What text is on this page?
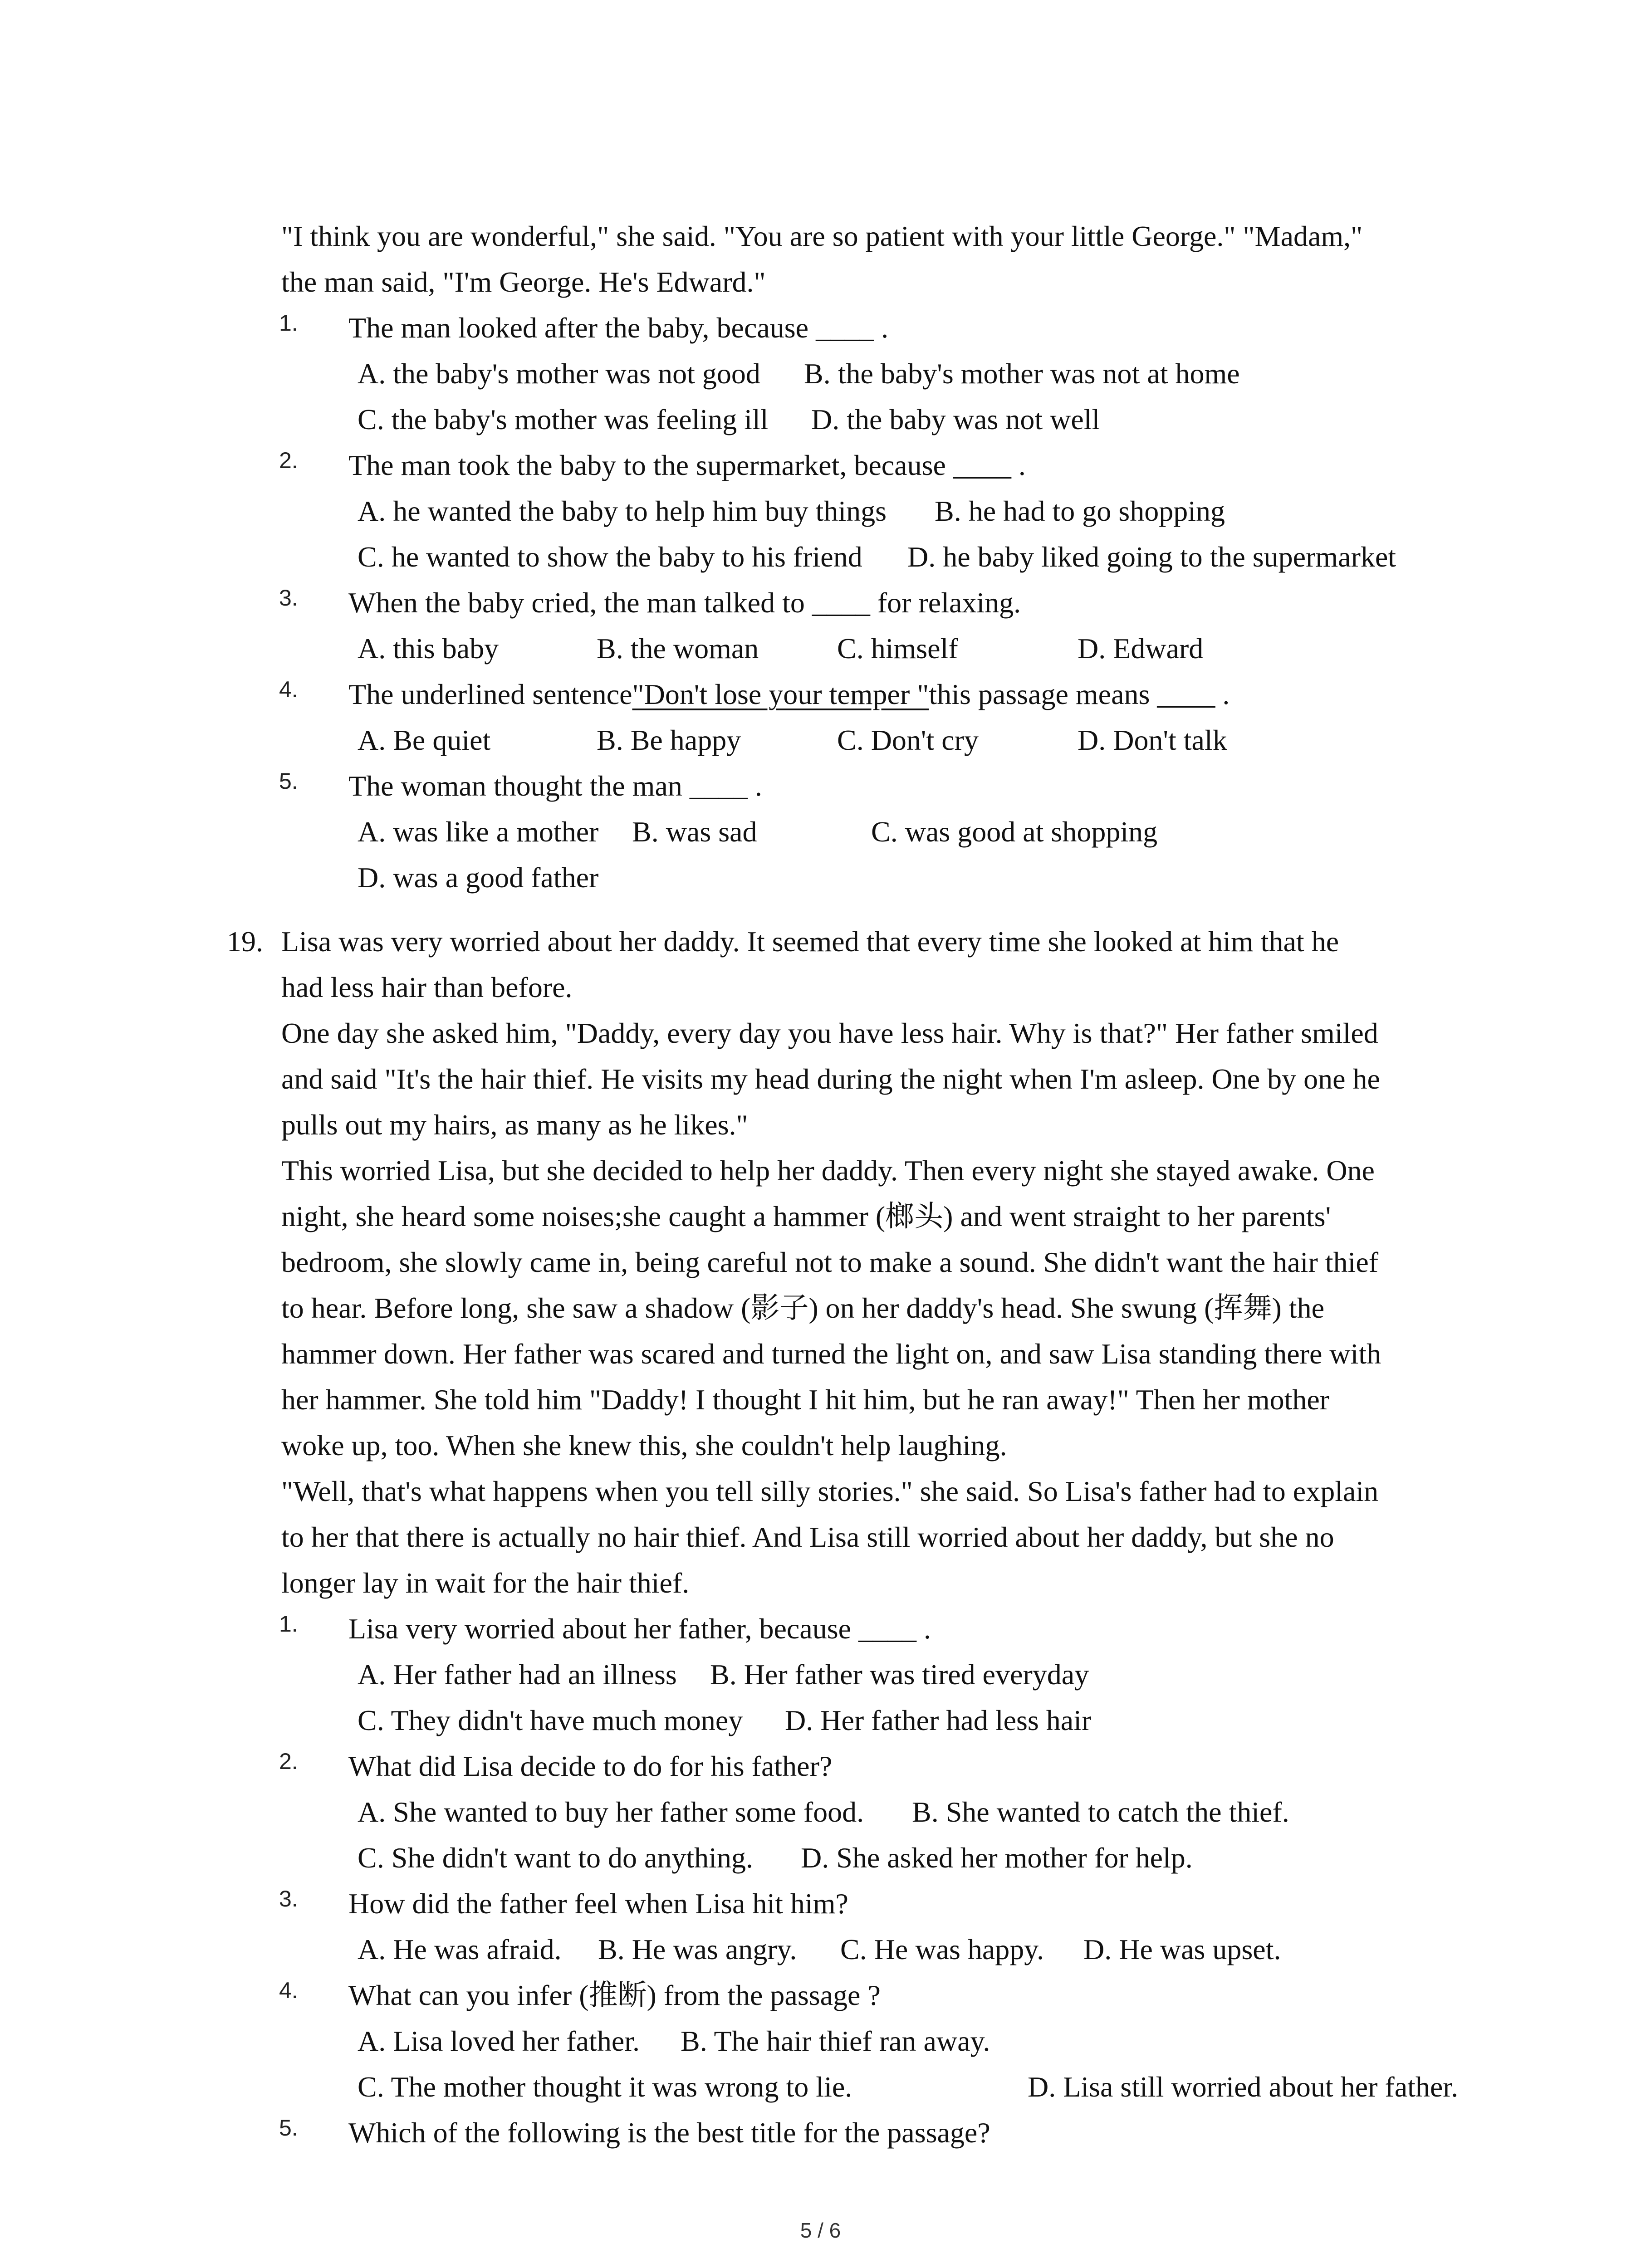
"I think you are wonderful," she said. "You are so patient with your little George." "Madam,"
the man said, "I'm George. He's Edward."

1. The man looked after the baby, because ____ .
A. the baby's mother was not good B. the baby's mother was not at home
C. the baby's mother was feeling ill D. the baby was not well
2. The man took the baby to the supermarket, because ____ .
A. he wanted the baby to help him buy things B. he had to go shopping
C. he wanted to show the baby to his friend D. he baby liked going to the supermarket
3. When the baby cried, the man talked to ____ for relaxing.
A. this baby	B. the woman	C. himself	D. Edward
4. The underlined sentence"Don't lose your temper "this passage means ____ .
A. Be quiet	B. Be happy	C. Don't cry	D. Don't talk
5. The woman thought the man ____ .
A. was like a mother B. was sad	C. was good at shopping
D. was a good father
19. Lisa was very worried about her daddy. It seemed that every time she looked at him that he
had less hair than before.

One day she asked him, "Daddy, every day you have less hair. Why is that?" Her father smiled
and said "It's the hair thief. He visits my head during the night when I'm asleep. One by one he
pulls out my hairs, as many as he likes."

This worried Lisa, but she decided to help her daddy. Then every night she stayed awake. One
night, she heard some noises;she caught a hammer (榔头) and went straight to her parents'
bedroom, she slowly came in, being careful not to make a sound. She didn't want the hair thief
to hear. Before long, she saw a shadow (影子) on her daddy's head. She swung (挥舞) the
hammer down. Her father was scared and turned the light on, and saw Lisa standing there with
her hammer. She told him "Daddy! I thought I hit him, but he ran away!" Then her mother
woke up, too. When she knew this, she couldn't help laughing.

"Well, that's what happens when you tell silly stories." she said. So Lisa's father had to explain
to her that there is actually no hair thief. And Lisa still worried about her daddy, but she no
longer lay in wait for the hair thief.

1. Lisa very worried about her father, because ____ .
A. Her father had an illness B. Her father was tired everyday
C. They didn't have much money D. Her father had less hair
2. What did Lisa decide to do for his father?
A. She wanted to buy her father some food. B. She wanted to catch the thief.
C. She didn't want to do anything. D. She asked her mother for help.
3. How did the father feel when Lisa hit him?
A. He was afraid. B. He was angry. C. He was happy. D. He was upset.
4. What can you infer (推断) from the passage ?
A. Lisa loved her father. B. The hair thief ran away.
C. The mother thought it was wrong to lie.	D. Lisa still worried about her father.
5. Which of the following is the best title for the passage?
5 / 6
